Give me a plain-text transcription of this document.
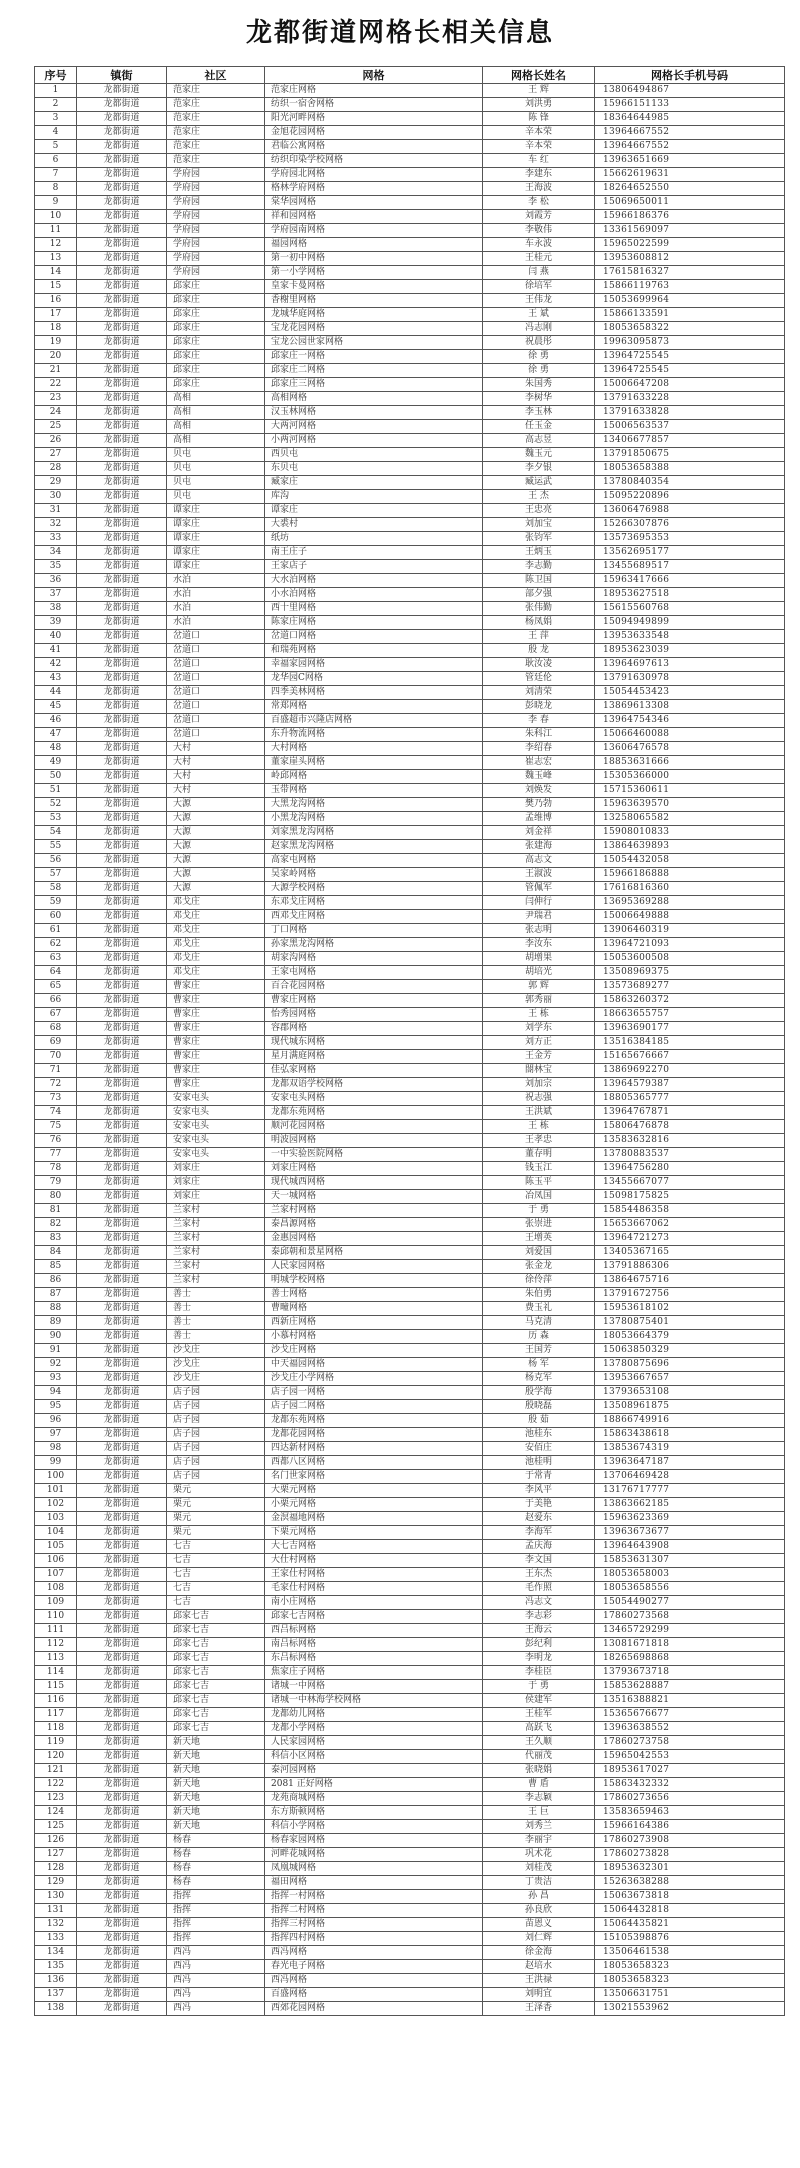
龙都街道网格长相关信息
序号	镇街	社区	网格	网格长姓名	网格长手机号码
1	龙都街道	范家庄	范家庄网格	王 辉	13806494867
2	龙都街道	范家庄	纺织一宿舍网格	刘洪勇	15966151133
3	龙都街道	范家庄	阳光河畔网格	陈 锋	18364644985
4	龙都街道	范家庄	金旭花园网格	辛本荣	13964667552
5	龙都街道	范家庄	君临公寓网格	辛本荣	13964667552
6	龙都街道	范家庄	纺织印染学校网格	车 红	13963651669
7	龙都街道	学府园	学府园北网格	李建东	15662619631
8	龙都街道	学府园	格林学府网格	王海波	18264652550
9	龙都街道	学府园	棠华园网格	李 松	15069650011
10	龙都街道	学府园	祥和园网格	刘霞芳	15966186376
11	龙都街道	学府园	学府园南网格	李敬伟	13361569097
12	龙都街道	学府园	福园网格	车永波	15965022599
13	龙都街道	学府园	第一初中网格	王桂元	13953608812
14	龙都街道	学府园	第一小学网格	闫 燕	17615816327
15	龙都街道	邱家庄	皇家卡曼网格	徐培军	15866119763
16	龙都街道	邱家庄	香榭里网格	王伟龙	15053699964
17	龙都街道	邱家庄	龙城华庭网格	王 斌	15866133591
18	龙都街道	邱家庄	宝龙花园网格	冯志刚	18053658322
19	龙都街道	邱家庄	宝龙公园世家网格	祝晨彤	19963095873
20	龙都街道	邱家庄	邱家庄一网格	徐 勇	13964725545
21	龙都街道	邱家庄	邱家庄二网格	徐 勇	13964725545
22	龙都街道	邱家庄	邱家庄三网格	朱国秀	15006647208
23	龙都街道	高相	高相网格	李树华	13791633228
24	龙都街道	高相	汉玉林网格	李玉林	13791633828
25	龙都街道	高相	大两河网格	任玉金	15006563537
26	龙都街道	高相	小两河网格	高志昱	13406677857
27	龙都街道	贝屯	西贝屯	魏玉元	13791850675
28	龙都街道	贝屯	东贝屯	李夕银	18053658388
29	龙都街道	贝屯	臧家庄	臧运武	13780840354
30	龙都街道	贝屯	库沟	王 杰	15095220896
31	龙都街道	谭家庄	谭家庄	王忠亮	13606476988
32	龙都街道	谭家庄	大裘村	刘加宝	15266307876
33	龙都街道	谭家庄	纸坊	张钧军	13573695353
34	龙都街道	谭家庄	南王庄子	王炳玉	13562695177
35	龙都街道	谭家庄	王家店子	李志勤	13455689517
36	龙都街道	水泊	大水泊网格	陈卫国	15963417666
37	龙都街道	水泊	小水泊网格	部夕强	18953627518
38	龙都街道	水泊	西十里网格	张伟勤	15615560768
39	龙都街道	水泊	陈家庄网格	杨凤娟	15094949899
40	龙都街道	岔道口	岔道口网格	王 萍	13953633548
41	龙都街道	岔道口	和瑞苑网格	殷 龙	18953623039
42	龙都街道	岔道口	幸福家园网格	耿汝凌	13964697613
43	龙都街道	岔道口	龙华园C网格	管廷伦	13791630978
44	龙都街道	岔道口	四季美林网格	刘清荣	15054453423
45	龙都街道	岔道口	常郑网格	彭晓龙	13869613308
46	龙都街道	岔道口	百盛超市兴隆店网格	李 春	13964754346
47	龙都街道	岔道口	东升物流网格	朱科江	15066460088
48	龙都街道	大村	大村网格	李绍春	13606476578
49	龙都街道	大村	董家崖头网格	崔志宏	18853631666
50	龙都街道	大村	岭邱网格	魏玉峰	15305366000
51	龙都街道	大村	玉带网格	刘焕发	15715360611
52	龙都街道	大源	大黑龙沟网格	樊乃勃	15963639570
53	龙都街道	大源	小黑龙沟网格	孟维博	13258065582
54	龙都街道	大源	刘家黑龙沟网格	刘金祥	15908010833
55	龙都街道	大源	赵家黑龙沟网格	张建海	13864639893
56	龙都街道	大源	高家屯网格	高志文	15054432058
57	龙都街道	大源	吴家岭网格	王淑波	15966186888
58	龙都街道	大源	大源学校网格	管佩军	17616816360
59	龙都街道	邓戈庄	东邓戈庄网格	闫伸行	13695369288
60	龙都街道	邓戈庄	西邓戈庄网格	尹瑞君	15006649888
61	龙都街道	邓戈庄	丁口网格	张志明	13906460319
62	龙都街道	邓戈庄	孙家黑龙沟网格	李汝东	13964721093
63	龙都街道	邓戈庄	胡家沟网格	胡增果	15053600508
64	龙都街道	邓戈庄	王家屯网格	胡培光	13508969375
65	龙都街道	曹家庄	百合花园网格	郭 辉	13573689277
66	龙都街道	曹家庄	曹家庄网格	郭秀丽	15863260372
67	龙都街道	曹家庄	怡秀园网格	王 栋	18663655757
68	龙都街道	曹家庄	容郡网格	刘学东	13963690177
69	龙都街道	曹家庄	现代城东网格	刘方正	13516384185
70	龙都街道	曹家庄	星月满庭网格	王金芳	15165676667
71	龙都街道	曹家庄	佳弘家网格	閤林宝	13869692270
72	龙都街道	曹家庄	龙都双语学校网格	刘加宗	13964579387
73	龙都街道	安家屯头	安家屯头网格	祝志强	18805365777
74	龙都街道	安家屯头	龙都东苑网格	王洪斌	13964767871
75	龙都街道	安家屯头	顺河花园网格	王 栋	15806476878
76	龙都街道	安家屯头	明波园网格	王孝忠	13583632816
77	龙都街道	安家屯头	一中实验医院网格	董存明	13780883537
78	龙都街道	刘家庄	刘家庄网格	钱玉江	13964756280
79	龙都街道	刘家庄	现代城西网格	陈玉平	13455667077
80	龙都街道	刘家庄	天一城网格	冶凤国	15098175825
81	龙都街道	兰家村	兰家村网格	于 勇	15854486358
82	龙都街道	兰家村	泰昌源网格	张崇进	15653667062
83	龙都街道	兰家村	金惠园网格	王增英	13964721273
84	龙都街道	兰家村	泰邱朝和景星网格	刘爱国	13405367165
85	龙都街道	兰家村	人民家园网格	张金龙	13791886306
86	龙都街道	兰家村	明城学校网格	徐伶萍	13864675716
87	龙都街道	善士	善士网格	朱伯勇	13791672756
88	龙都街道	善士	曹疃网格	费玉礼	15953618102
89	龙都街道	善士	西新庄网格	马克清	13780875401
90	龙都街道	善士	小慕村网格	历 森	18053664379
91	龙都街道	沙戈庄	沙戈庄网格	王国芳	15063850329
92	龙都街道	沙戈庄	中天福园网格	杨 军	13780875696
93	龙都街道	沙戈庄	沙戈庄小学网格	杨克军	13953667657
94	龙都街道	店子园	店子园一网格	殷学海	13793653108
95	龙都街道	店子园	店子园二网格	殷晓磊	13508961875
96	龙都街道	店子园	龙都东苑网格	殷 茹	18866749916
97	龙都街道	店子园	龙都花园网格	池桂东	15863438618
98	龙都街道	店子园	四达新材网格	安佰庄	13853674319
99	龙都街道	店子园	西都八区网格	池桂明	13963647187
100	龙都街道	店子园	名门世家网格	于常青	13706469428
101	龙都街道	栗元	大栗元网格	李风平	13176717777
102	龙都街道	栗元	小栗元网格	于美艳	13863662185
103	龙都街道	栗元	金溟福地网格	赵爱东	15963623369
104	龙都街道	栗元	下栗元网格	李海军	13963673677
105	龙都街道	七吉	大七吉网格	孟庆海	13964643908
106	龙都街道	七吉	大仕村网格	李文国	15853631307
107	龙都街道	七吉	王家仕村网格	王东杰	18053658003
108	龙都街道	七吉	毛家仕村网格	毛作照	18053658556
109	龙都街道	七吉	南小庄网格	冯志文	15054490277
110	龙都街道	邱家七吉	邱家七吉网格	李志彩	17860273568
111	龙都街道	邱家七吉	西吕标网格	王海云	13465729299
112	龙都街道	邱家七吉	南吕标网格	彭纪利	13081671818
113	龙都街道	邱家七吉	东吕标网格	李明龙	18265698868
114	龙都街道	邱家七吉	焦家庄子网格	李桂臣	13793673718
115	龙都街道	邱家七吉	诸城一中网格	于 勇	15853628887
116	龙都街道	邱家七吉	诸城一中林海学校网格	侯建军	13516388821
117	龙都街道	邱家七吉	龙都幼儿网格	王桂军	15365676677
118	龙都街道	邱家七吉	龙都小学网格	高跃飞	13963638552
119	龙都街道	新天地	人民家园网格	王久顺	17860273758
120	龙都街道	新天地	科信小区网格	代丽茂	15965042553
121	龙都街道	新天地	泰河园网格	张晓娟	18953617027
122	龙都街道	新天地	2081 正好网格	曹 盾	15863432332
123	龙都街道	新天地	龙苑商城网格	李志颖	17860273656
124	龙都街道	新天地	东方斯顿网格	王 巨	13583659463
125	龙都街道	新天地	科信小学网格	刘秀兰	15966164386
126	龙都街道	杨春	杨春家园网格	李丽宇	17860273908
127	龙都街道	杨春	河畔花城网格	巩术花	17860273828
128	龙都街道	杨春	凤凰城网格	刘桂茂	18953632301
129	龙都街道	杨春	福田网格	丁贵洁	15263638288
130	龙都街道	指挥	指挥一村网格	孙 昌	15063673818
131	龙都街道	指挥	指挥二村网格	孙良欣	15064432818
132	龙都街道	指挥	指挥三村网格	苗恩义	15064435821
133	龙都街道	指挥	指挥四村网格	刘仁辉	15105398876
134	龙都街道	西冯	西冯网格	徐金海	13506461538
135	龙都街道	西冯	春光电子网格	赵培水	18053658323
136	龙都街道	西冯	西冯网格	王洪禄	18053658323
137	龙都街道	西冯	百盛网格	刘明宜	13506631751
138	龙都街道	西冯	西郊花园网格	王泽香	13021553962
